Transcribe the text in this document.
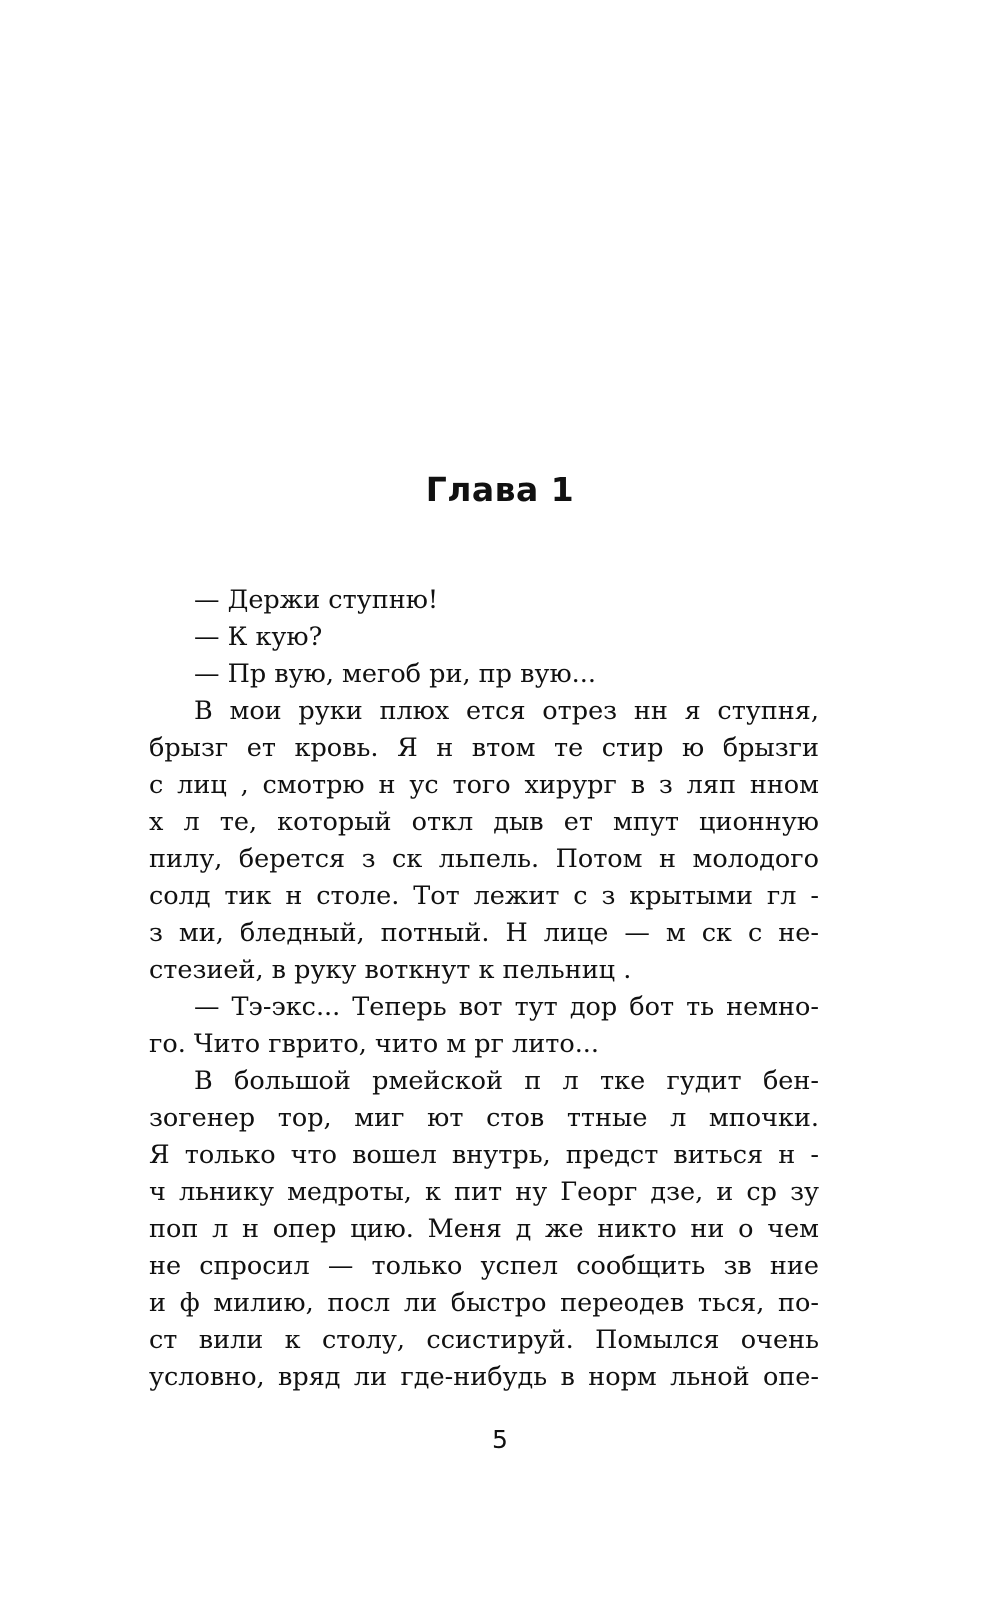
Глава 1
— Держи ступню!
— К кую?
— Пр вую, мегоб ри, пр вую...
В мои руки плюх ется отрез нн я ступня,
брызг ет кровь. Я н втом те стир ю брызги
с лиц , смотрю н ус того хирург в з ляп нном
х л те, который откл дыв ет мпут ционную
пилу, берется з ск льпель. Потом н молодого
солд тик н столе. Тот лежит с з крытыми гл -
з ми, бледный, потный. Н лице — м ск с не-
стезией, в руку воткнут к пельниц .
— Тэ-экс... Теперь вот тут дор бот ть немно-
го. Чито гврито, чито м рг лито...
В большой рмейской п л тке гудит бен-
зогенер тор, миг ют стов ттные л мпочки.
Я только что вошел внутрь, предст виться н -
ч льнику медроты, к пит ну Георг дзе, и ср зу
поп л н опер цию. Меня д же никто ни о чем
не спросил — только успел сообщить зв ние
и ф милию, посл ли быстро переодев ться, по-
ст вили к столу, ссистируй. Помылся очень
условно, вряд ли где-нибудь в норм льной опе-
5
